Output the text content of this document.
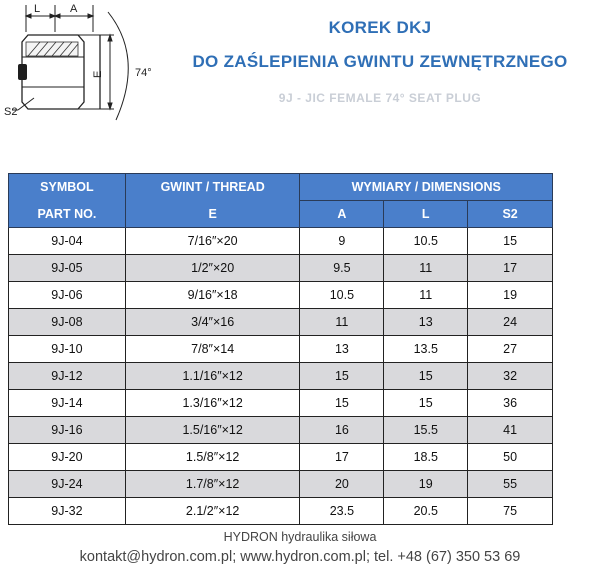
L	A
E	74°
S2
KOREK DKJ
DO ZAŚLEPIENIA GWINTU ZEWNĘTRZNEGO
9J - JIC FEMALE 74° SEAT PLUG
SYMBOL	GWINT / THREAD	WYMIARY / DIMENSIONS		
PART NO.	E	A	L	S2
9J-04	7/16″×20	9	10.5	15
9J-05	1/2″×20	9.5	11	17
9J-06	9/16″×18	10.5	11	19
9J-08	3/4″×16	11	13	24
9J-10	7/8″×14	13	13.5	27
9J-12	1.1/16″×12	15	15	32
9J-14	1.3/16″×12	15	15	36
9J-16	1.5/16″×12	16	15.5	41
9J-20	1.5/8″×12	17	18.5	50
9J-24	1.7/8″×12	20	19	55
9J-32	2.1/2″×12	23.5	20.5	75
HYDRON hydraulika siłowa
kontakt@hydron.com.pl; www.hydron.com.pl; tel. +48 (67) 350 53 69
